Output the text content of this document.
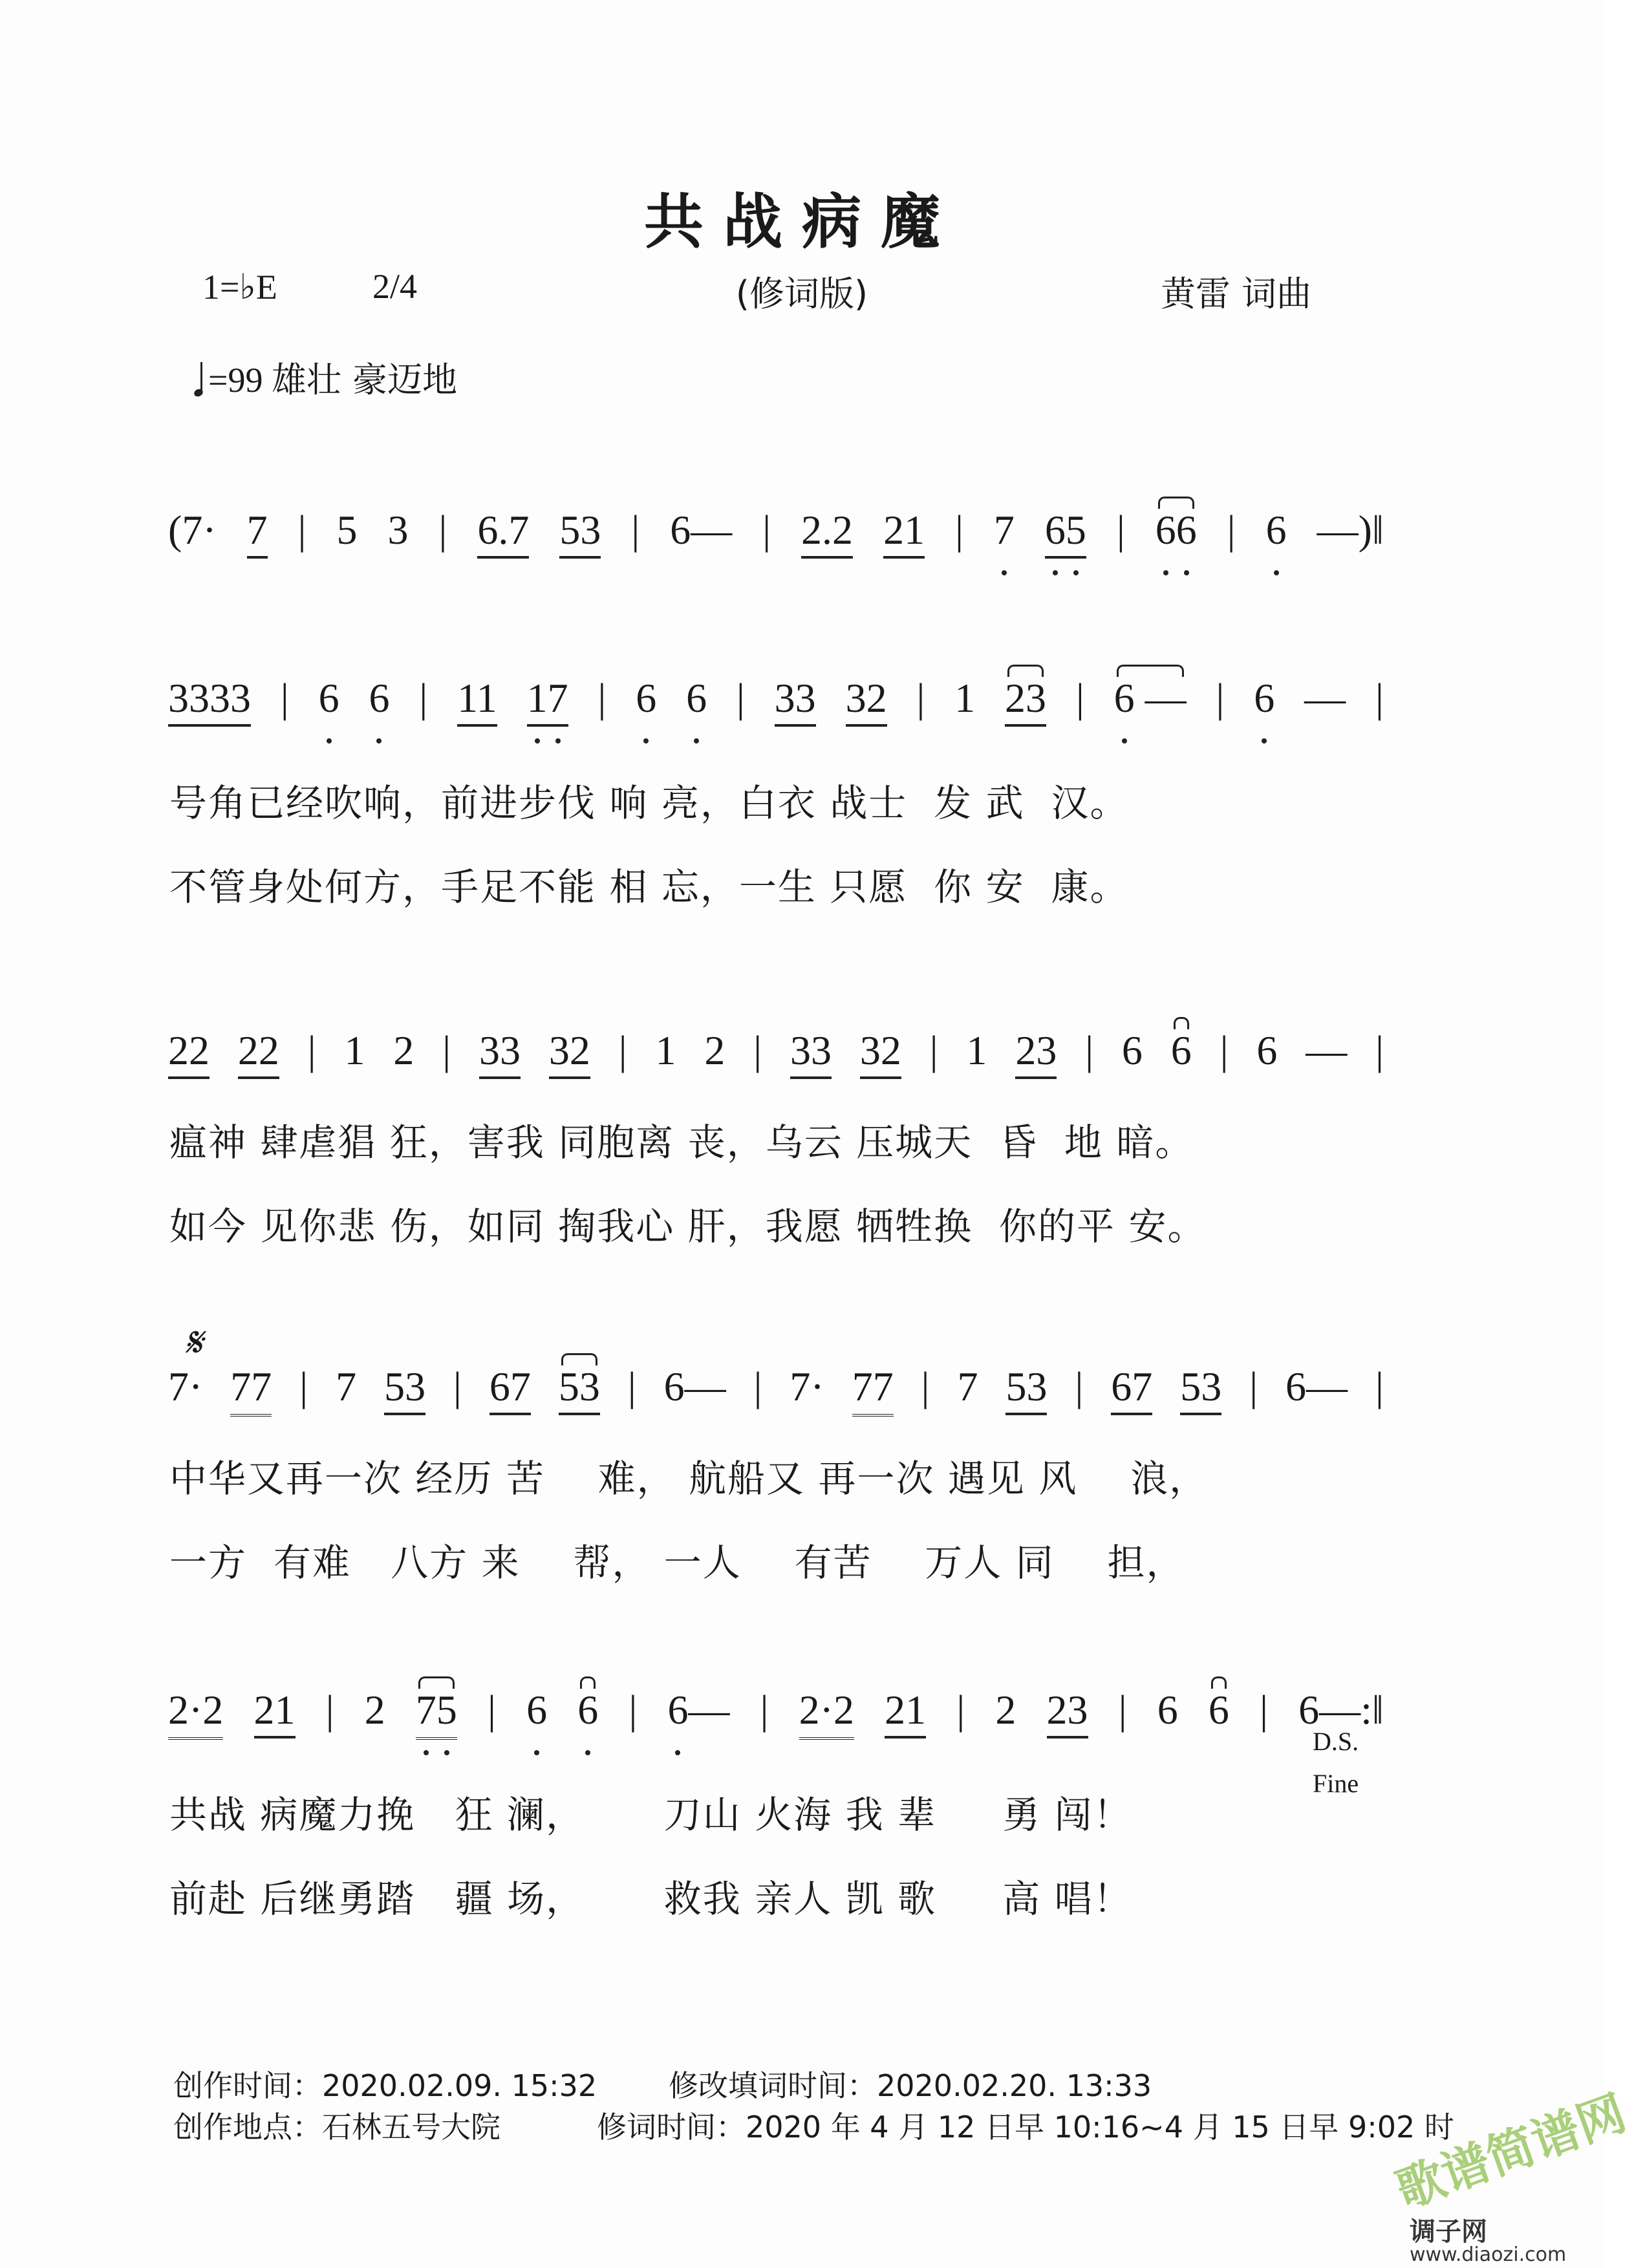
共战病魔
1=♭E	2/4	(修词版)	黄雷 词曲
=99 雄壮 豪迈地
𝄋
D.S.
Fine
(7· 7 | 5 3 | 6.7 53 | 6— | 2.2 21 | 7 65 | 66 | 6 —)‖
3333 | 6 6 | 11 17 | 6 6 | 33 32 | 1 23 | 6 — | 6 — |
号角已经吹响，前进步伐 响 亮，白衣 战士  发 武  汉。
不管身处何方，手足不能 相 忘，一生 只愿  你 安  康。
22 22 | 1 2 | 33 32 | 1 2 | 33 32 | 1 23 | 6 6 | 6 — |
瘟神 肆虐猖 狂，害我 同胞离 丧，乌云 压城天  昏  地 暗。
如今 见你悲 伤，如同 掏我心 肝，我愿 牺牲换  你的平 安。
7· 77 | 7 53 | 67 53 | 6— | 7· 77 | 7 53 | 67 53 | 6— |
中华又再一次 经历 苦    难， 航船又 再一次 遇见 风    浪，
一方  有难   八方 来    帮， 一人    有苦    万人 同    担，
2·2 21 | 2 75 | 6 6 | 6— | 2·2 21 | 2 23 | 6 6 | 6—:‖
共战 病魔力挽   狂 澜，      刀山 火海 我 辈     勇 闯！
前赴 后继勇踏   疆 场，      救我 亲人 凯 歌     高 唱！
创作时间：2020.02.09. 15:32 修改填词时间：2020.02.20. 13:33
创作地点：石林五号大院	修词时间：2020 年 4 月 12 日早 10:16~4 月 15 日早 9:02 时
歌谱简谱网
调子网
www.diaozi.com
